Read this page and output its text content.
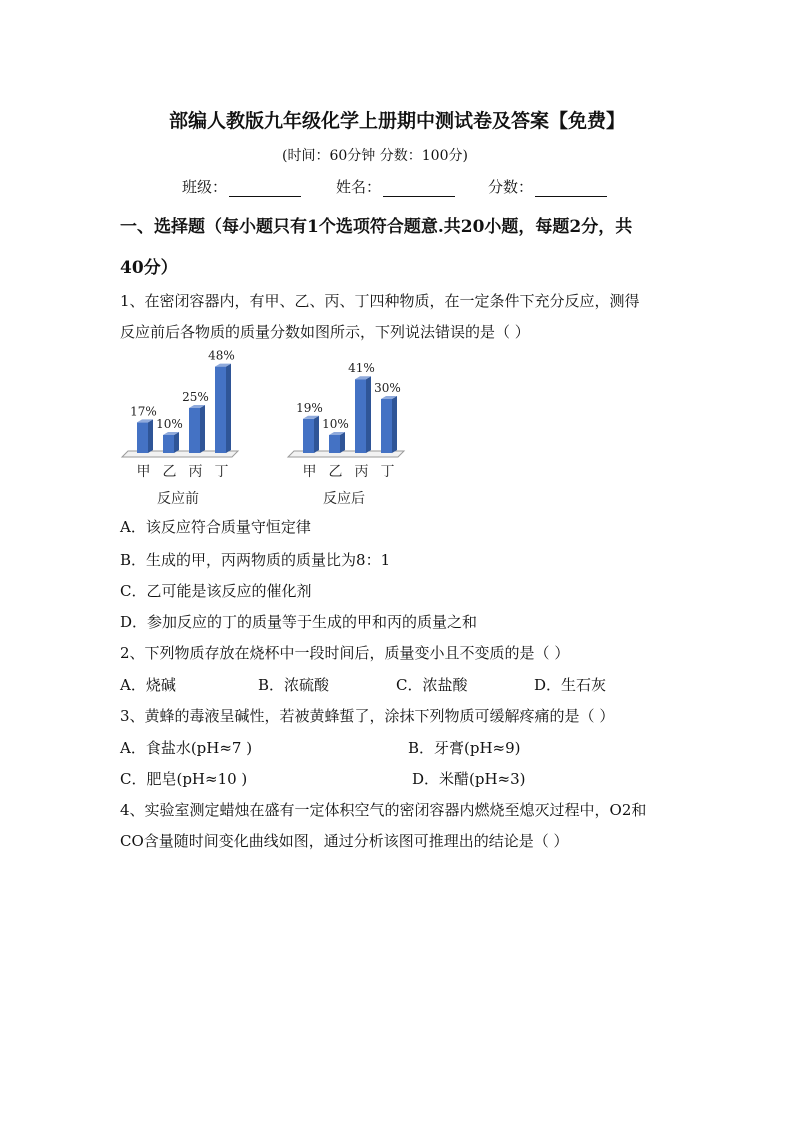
部编人教版九年级化学上册期中测试卷及答案【免费】
(时间：60分钟 分数：100分)
班级：	姓名：	分数：
一、选择题（每小题只有1个选项符合题意.共20小题，每题2分，共
40分）
1、在密闭容器内，有甲、乙、丙、丁四种物质，在一定条件下充分反应，测得
反应前后各物质的质量分数如图所示，下列说法错误的是（ ）
17%
甲
10%
乙
25%
丙
48%
丁
反应前
19%
甲
10%
乙
41%
丙
30%
丁
反应后
A．该反应符合质量守恒定律
B．生成的甲，丙两物质的质量比为8：1
C．乙可能是该反应的催化剂
D．参加反应的丁的质量等于生成的甲和丙的质量之和
2、下列物质存放在烧杯中一段时间后，质量变小且不变质的是（ ）
A．烧碱	B．浓硫酸	C．浓盐酸	D．生石灰
3、黄蜂的毒液呈碱性，若被黄蜂蜇了，涂抹下列物质可缓解疼痛的是（ ）
A．食盐水(pH≈7 )	B．牙膏(pH≈9)
C．肥皂(pH≈10 )	D．米醋(pH≈3)
4、实验室测定蜡烛在盛有一定体积空气的密闭容器内燃烧至熄灭过程中，O2和
CO含量随时间变化曲线如图，通过分析该图可推理出的结论是（ ）
